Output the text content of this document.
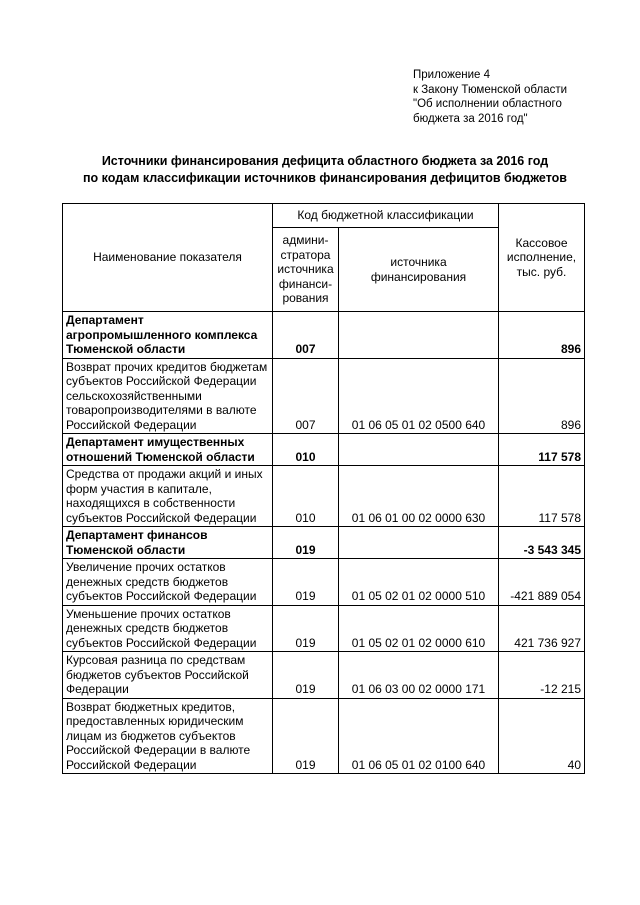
Приложение 4
к Закону Тюменской области
"Об исполнении областного
бюджета за 2016 год"
Источники финансирования дефицита областного бюджета за 2016 год
по кодам классификации источников финансирования дефицитов бюджетов
Наименование показателя	Код бюджетной классификации		Кассовое исполнение, тыс. руб.
	админи-
стратора
источника
финанси-
рования	источника финансирования	
Департамент агропромышленного комплекса Тюменской области	007		896
Возврат прочих кредитов бюджетам субъектов Российской Федерации сельскохозяйственными товаропроизводителями в валюте Российской Федерации	007	01 06 05 01 02 0500 640	896
Департамент имущественных отношений Тюменской области	010		117 578
Средства от продажи акций и иных форм участия в капитале, находящихся в собственности субъектов Российской Федерации	010	01 06 01 00 02 0000 630	117 578
Департамент финансов Тюменской области	019		-3 543 345
Увеличение прочих остатков денежных средств бюджетов субъектов Российской Федерации	019	01 05 02 01 02 0000 510	-421 889 054
Уменьшение прочих остатков денежных средств бюджетов субъектов Российской Федерации	019	01 05 02 01 02 0000 610	421 736 927
Курсовая разница по средствам бюджетов субъектов Российской Федерации	019	01 06 03 00 02 0000 171	-12 215
Возврат бюджетных кредитов, предоставленных юридическим лицам из бюджетов субъектов Российской Федерации в валюте Российской Федерации	019	01 06 05 01 02 0100 640	40
